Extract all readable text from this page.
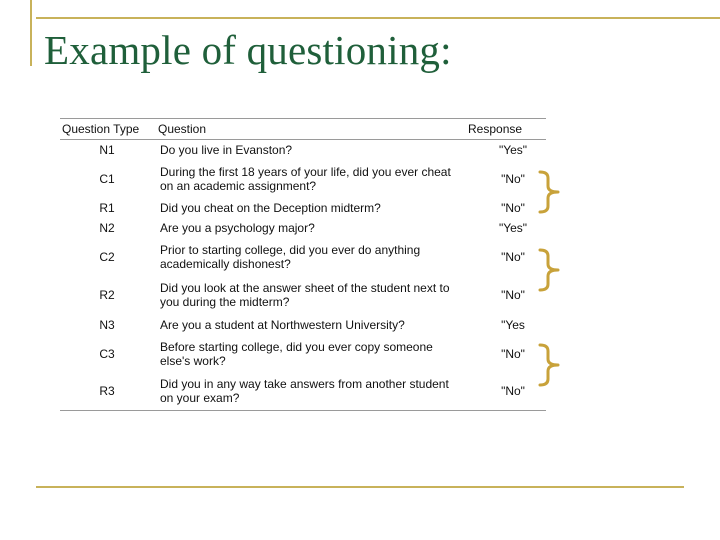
Example of questioning:
Question Type	Question	Response
N1	Do you live in Evanston?	"Yes"
C1	During the first 18 years of your life, did you ever cheat on an academic assignment?	"No"
R1	Did you cheat on the Deception midterm?	"No"
N2	Are you a psychology major?	"Yes"
C2	Prior to starting college, did you ever do anything academically dishonest?	"No"
R2	Did you look at the answer sheet of the student next to you during the midterm?	"No"
N3	Are you a student at Northwestern University?	"Yes
C3	Before starting college, did you ever copy someone else's work?	"No"
R3	Did you in any way take answers from another student on your exam?	"No"
